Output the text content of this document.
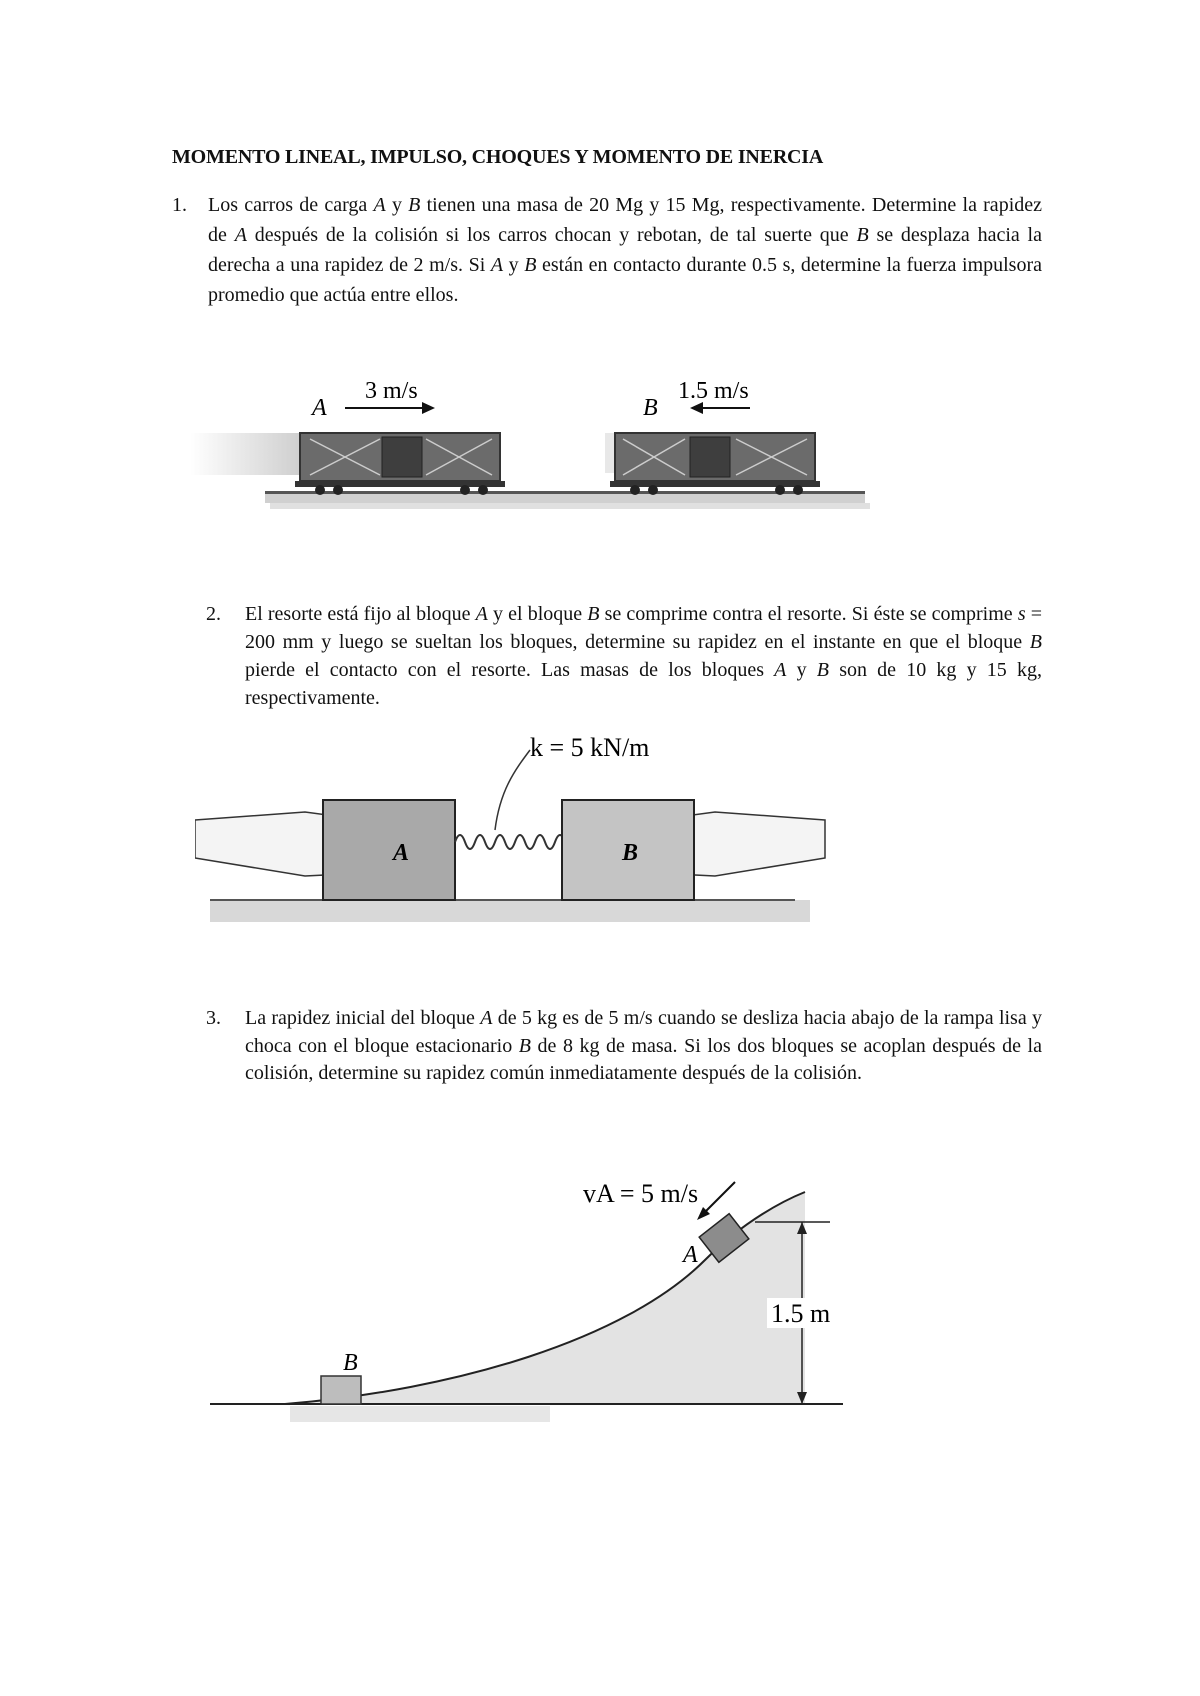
MOMENTO LINEAL, IMPULSO, CHOQUES Y MOMENTO DE INERCIA
1. Los carros de carga A y B tienen una masa de 20 Mg y 15 Mg, respectivamente. Determine la rapidez de A después de la colisión si los carros chocan y rebotan, de tal suerte que B se desplaza hacia la derecha a una rapidez de 2 m/s. Si A y B están en contacto durante 0.5 s, determine la fuerza impulsora promedio que actúa entre ellos.
A
3 m/s
B
1.5 m/s
2. El resorte está fijo al bloque A y el bloque B se comprime contra el resorte. Si éste se comprime s = 200 mm y luego se sueltan los bloques, determine su rapidez en el instante en que el bloque B pierde el contacto con el resorte. Las masas de los bloques A y B son de 10 kg y 15 kg, respectivamente.
A	B
k = 5 kN/m
3. La rapidez inicial del bloque A de 5 kg es de 5 m/s cuando se desliza hacia abajo de la rampa lisa y choca con el bloque estacionario B de 8 kg de masa. Si los dos bloques se acoplan después de la colisión, determine su rapidez común inmediatamente después de la colisión.
B
A
vA = 5 m/s
1.5 m
